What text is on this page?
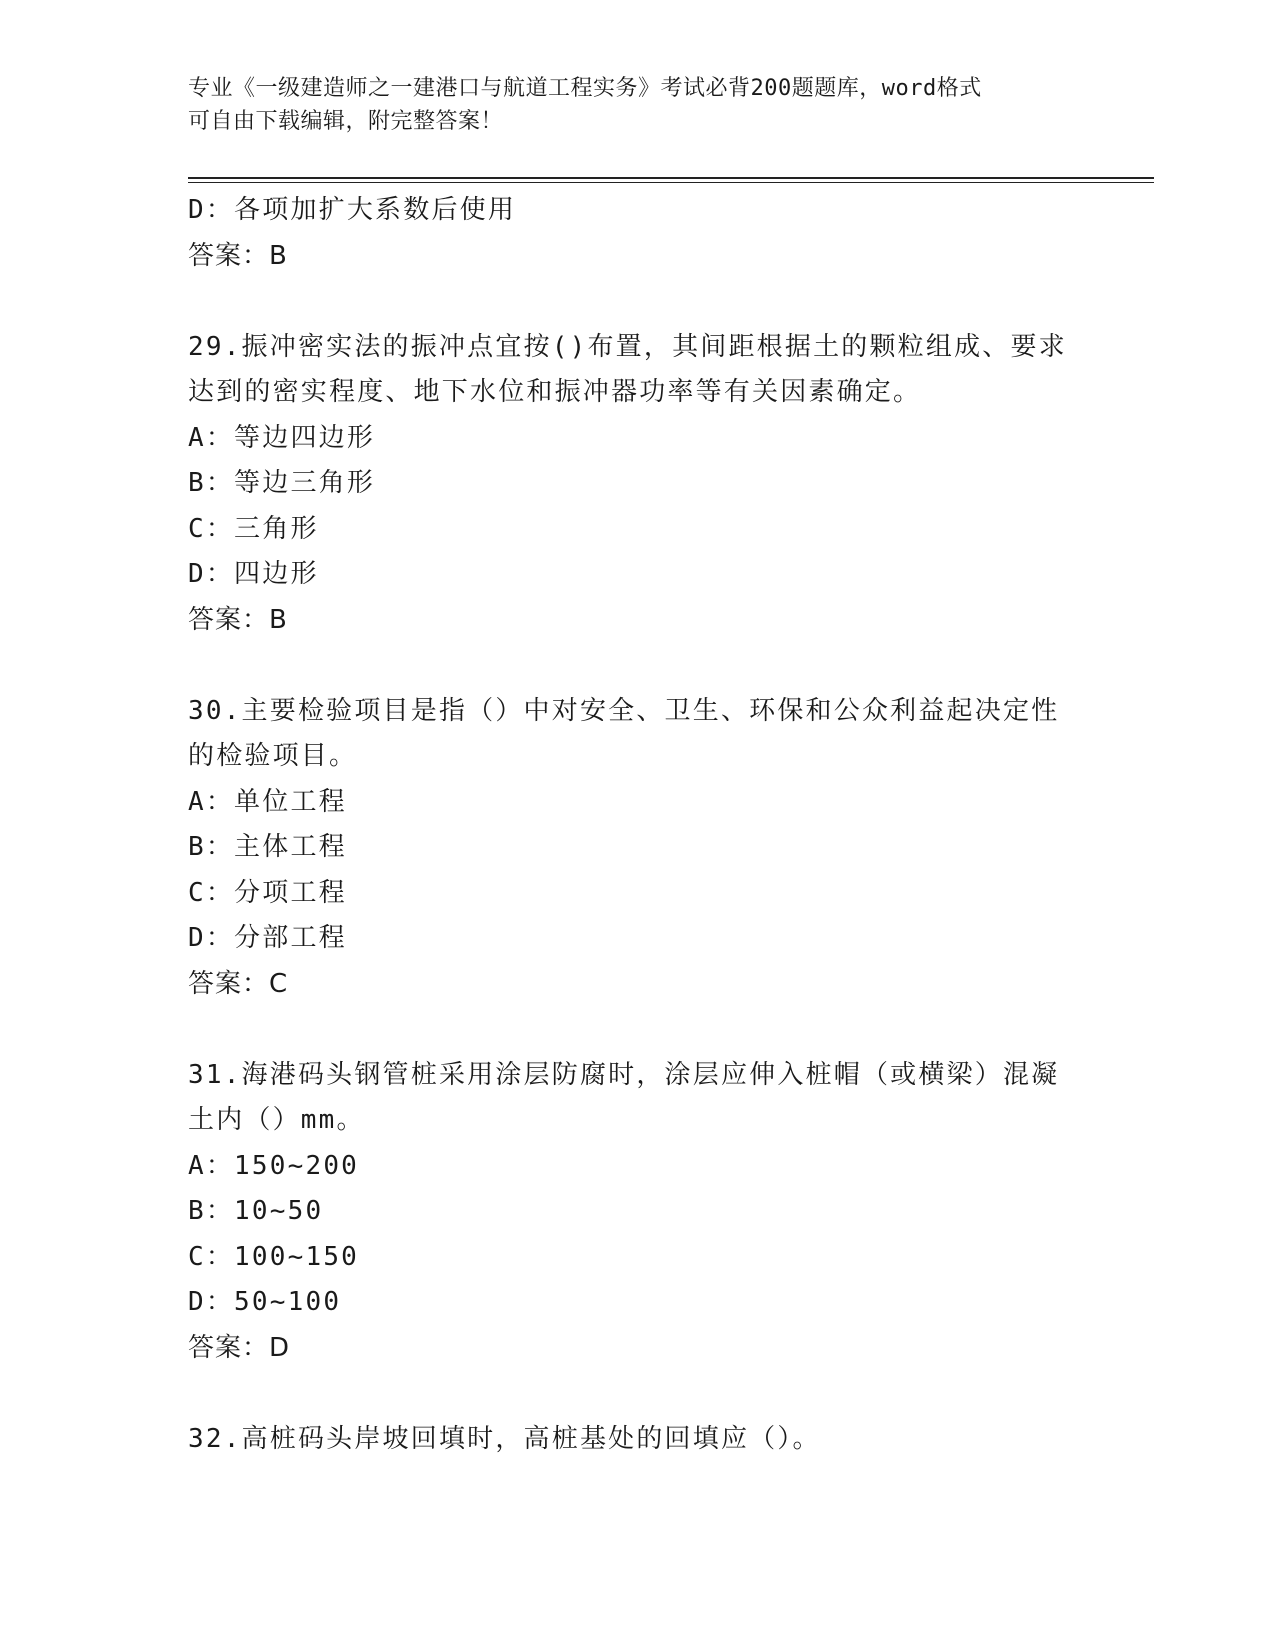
专业《一级建造师之一建港口与航道工程实务》考试必背200题题库，word格式
可自由下载编辑，附完整答案！
D：各项加扩大系数后使用
答案：B
29.振冲密实法的振冲点宜按()布置，其间距根据土的颗粒组成、要求
达到的密实程度、地下水位和振冲器功率等有关因素确定。
A：等边四边形
B：等边三角形
C：三角形
D：四边形
答案：B
30.主要检验项目是指（）中对安全、卫生、环保和公众利益起决定性
的检验项目。
A：单位工程
B：主体工程
C：分项工程
D：分部工程
答案：C
31.海港码头钢管桩采用涂层防腐时，涂层应伸入桩帽（或横梁）混凝
土内（）mm。
A：150~200
B：10~50
C：100~150
D：50~100
答案：D
32.高桩码头岸坡回填时，高桩基处的回填应（）。
